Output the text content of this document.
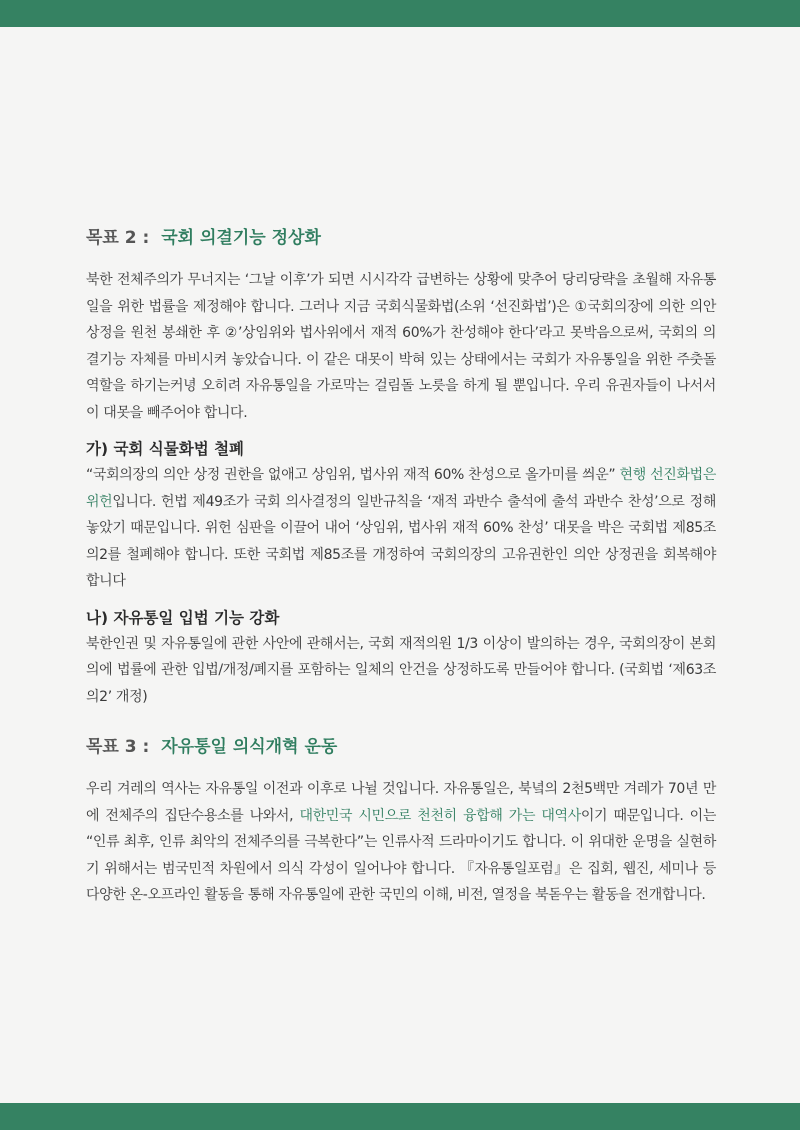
목표 2 : 국회 의결기능 정상화

북한 전체주의가 무너지는 ‘그날 이후’가 되면 시시각각 급변하는 상황에 맞추어 당리당략을 초월해 자유통일을 위한 법률을 제정해야 합니다. 그러나 지금 국회식물화법(소위 ‘선진화법’)은 ①국회의장에 의한 의안상정을 원천 봉쇄한 후 ②’상임위와 법사위에서 재적 60%가 찬성해야 한다’라고 못박음으로써, 국회의 의결기능 자체를 마비시켜 놓았습니다. 이 같은 대못이 박혀 있는 상태에서는 국회가 자유통일을 위한 주춧돌 역할을 하기는커녕 오히려 자유통일을 가로막는 걸림돌 노릇을 하게 될 뿐입니다. 우리 유권자들이 나서서 이 대못을 빼주어야 합니다.

가) 국회 식물화법 철폐

“국회의장의 의안 상정 권한을 없애고 상임위, 법사위 재적 60% 찬성으로 올가미를 씌운” 현행 선진화법은 위헌입니다. 헌법 제49조가 국회 의사결정의 일반규칙을 ‘재적 과반수 출석에 출석 과반수 찬성’으로 정해놓았기 때문입니다. 위헌 심판을 이끌어 내어 ‘상임위, 법사위 재적 60% 찬성’ 대못을 박은 국회법 제85조의2를 철폐해야 합니다. 또한 국회법 제85조를 개정하여 국회의장의 고유권한인 의안 상정권을 회복해야 합니다

나) 자유통일 입법 기능 강화

북한인권 및 자유통일에 관한 사안에 관해서는, 국회 재적의원 1/3 이상이 발의하는 경우, 국회의장이 본회의에 법률에 관한 입법/개정/폐지를 포함하는 일체의 안건을 상정하도록 만들어야 합니다. (국회법 ‘제63조의2’ 개정)

목표 3 : 자유통일 의식개혁 운동

우리 겨레의 역사는 자유통일 이전과 이후로 나뉠 것입니다. 자유통일은, 북녘의 2천5백만 겨레가 70년 만에 전체주의 집단수용소를 나와서, 대한민국 시민으로 천천히 융합해 가는 대역사이기 때문입니다. 이는 “인류 최후, 인류 최악의 전체주의를 극복한다”는 인류사적 드라마이기도 합니다. 이 위대한 운명을 실현하기 위해서는 범국민적 차원에서 의식 각성이 일어나야 합니다. 『자유통일포럼』은 집회, 웹진, 세미나 등 다양한 온-오프라인 활동을 통해 자유통일에 관한 국민의 이해, 비전, 열정을 북돋우는 활동을 전개합니다.
